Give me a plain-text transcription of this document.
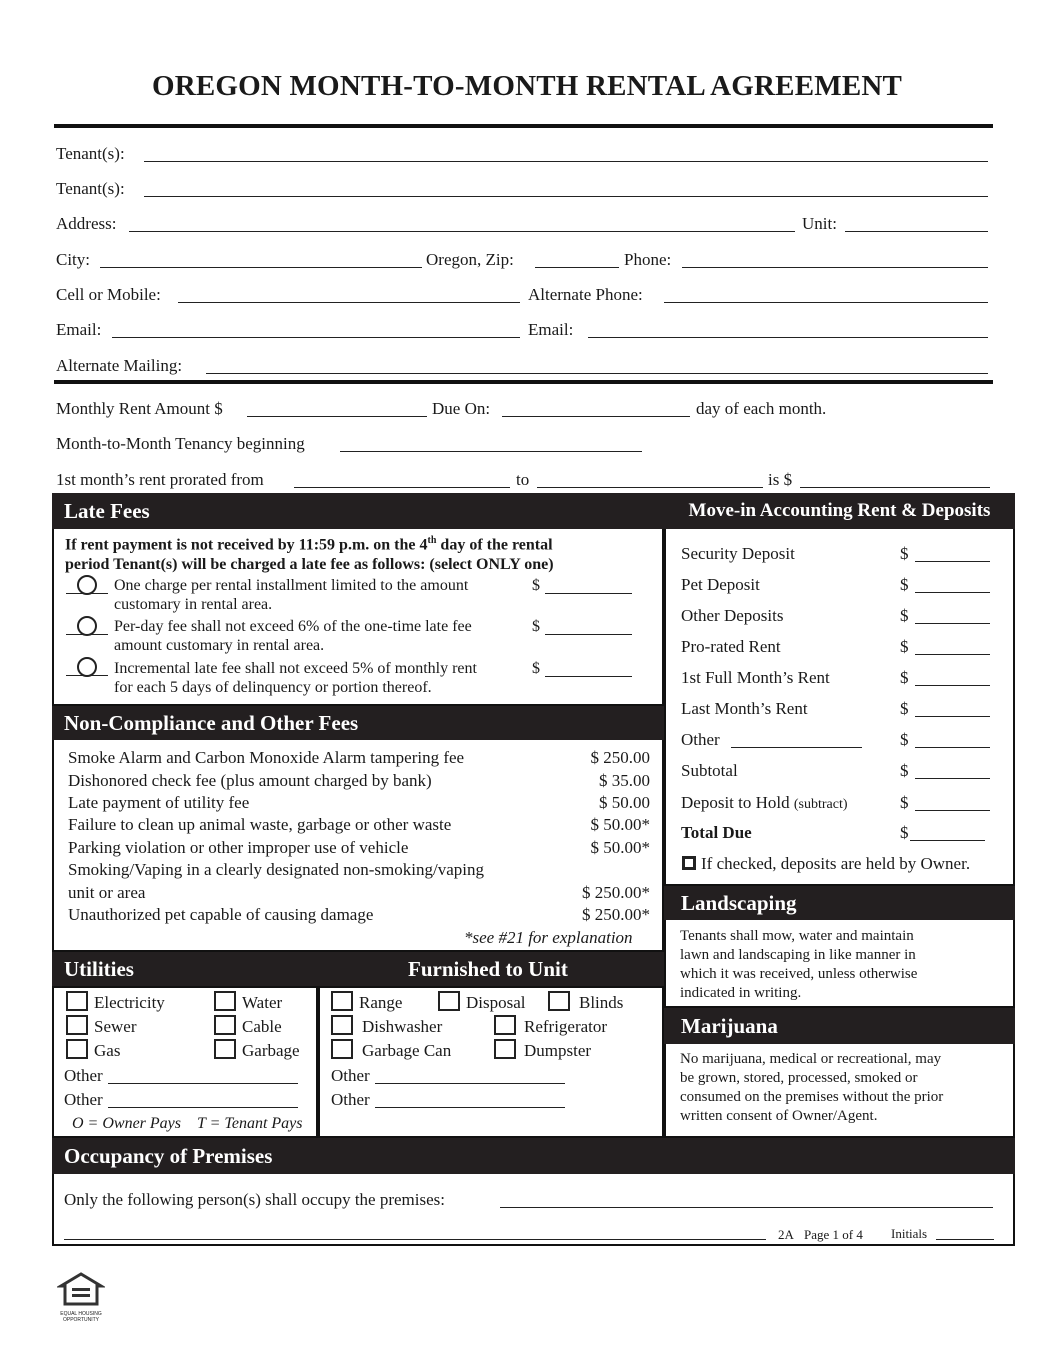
OREGON MONTH-TO-MONTH RENTAL AGREEMENT
Tenant(s):
Tenant(s):
Address:	Unit:
City:	Oregon, Zip:	Phone:
Cell or Mobile:	Alternate Phone:
Email:	Email:
Alternate Mailing:
Monthly Rent Amount $	Due On:	day of each month.
Month-to-Month Tenancy beginning
1st month’s rent prorated from	to	is $
Late Fees
If rent payment is not received by 11:59 p.m. on the 4th day of the rental
period Tenant(s) will be charged a late fee as follows: (select ONLY one)
One charge per rental installment limited to the amount
customary in rental area.
$
Per-day fee shall not exceed 6% of the one-time late fee
amount customary in rental area.
$
Incremental late fee shall not exceed 5% of monthly rent
for each 5 days of delinquency or portion thereof.
$
Move-in Accounting Rent & Deposits
Security Deposit	$
Pet Deposit	$
Other Deposits	$
Pro-rated Rent	$
1st Full Month’s Rent	$
Last Month’s Rent	$
Other	$
Subtotal	$
Deposit to Hold (subtract)	$
Total Due	$
If checked, deposits are held by Owner.
Non-Compliance and Other Fees
Smoke Alarm and Carbon Monoxide Alarm tampering fee	$ 250.00
Dishonored check fee (plus amount charged by bank)	$ 35.00
Late payment of utility fee	$ 50.00
Failure to clean up animal waste, garbage or other waste	$ 50.00*
Parking violation or other improper use of vehicle	$ 50.00*
Smoking/Vaping in a clearly designated non-smoking/vaping
unit or area	$ 250.00*
Unauthorized pet capable of causing damage	$ 250.00*
*see #21 for explanation
Landscaping
Tenants shall mow, water and maintain
lawn and landscaping in like manner in
which it was received, unless otherwise
indicated in writing.
Utilities	Furnished to Unit
Electricity	Water
Sewer	Cable
Gas	Garbage
Other
Other
O = Owner Pays    T = Tenant Pays
Range	Disposal	Blinds
Dishwasher	Refrigerator
Garbage Can	Dumpster
Other
Other
Marijuana
No marijuana, medical or recreational, may
be grown, stored, processed, smoked or
consumed on the premises without the prior
written consent of Owner/Agent.
Occupancy of Premises
Only the following person(s) shall occupy the premises:
2A Page 1 of 4 Initials
EQUAL HOUSING
OPPORTUNITY
